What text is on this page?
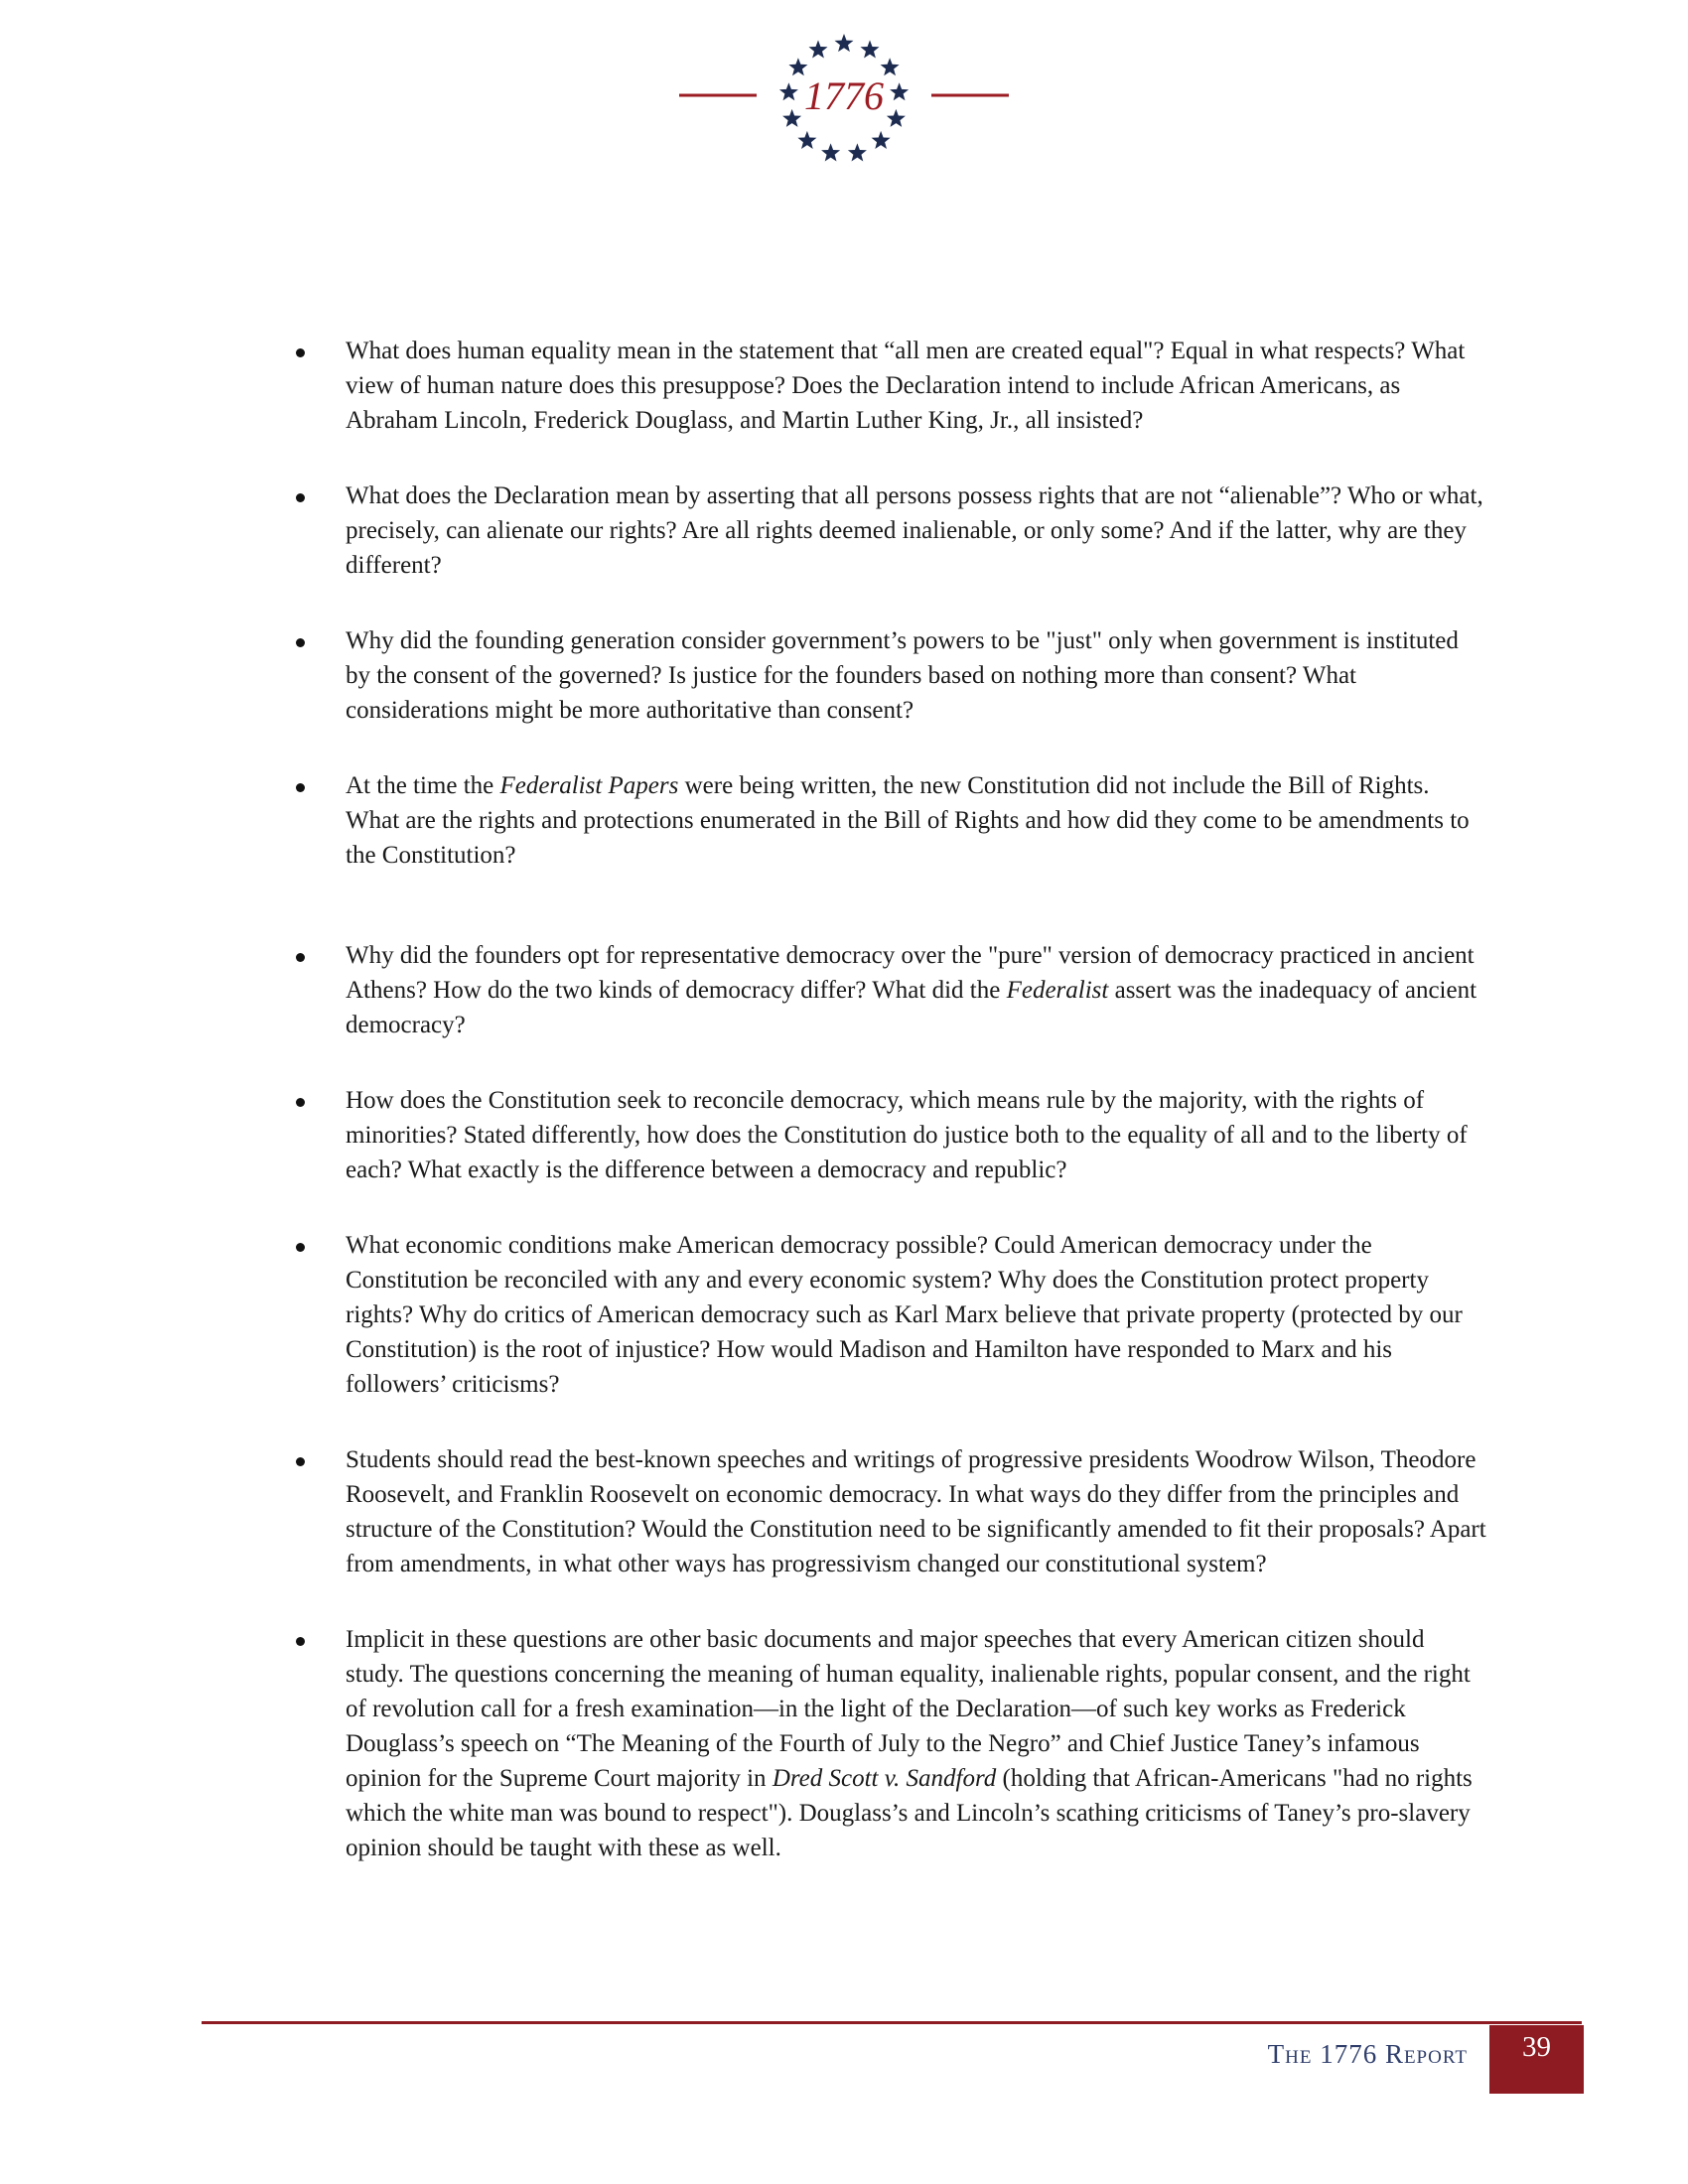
1776
What does human equality mean in the statement that “all men are created equal"? Equal in what respects? What view of human nature does this presuppose? Does the Declaration intend to include African Americans, as Abraham Lincoln, Frederick Douglass, and Martin Luther King, Jr., all insisted?
What does the Declaration mean by asserting that all persons possess rights that are not “alienable”? Who or what, precisely, can alienate our rights? Are all rights deemed inalienable, or only some? And if the latter, why are they different?
Why did the founding generation consider government’s powers to be "just" only when government is instituted by the consent of the governed? Is justice for the founders based on nothing more than consent? What considerations might be more authoritative than consent?
At the time the Federalist Papers were being written, the new Constitution did not include the Bill of Rights. What are the rights and protections enumerated in the Bill of Rights and how did they come to be amendments to the Constitution?
Why did the founders opt for representative democracy over the "pure" version of democracy practiced in ancient Athens? How do the two kinds of democracy differ? What did the Federalist assert was the inadequacy of ancient democracy?
How does the Constitution seek to reconcile democracy, which means rule by the majority, with the rights of minorities? Stated differently, how does the Constitution do justice both to the equality of all and to the liberty of each? What exactly is the difference between a democracy and republic?
What economic conditions make American democracy possible? Could American democracy under the Constitution be reconciled with any and every economic system? Why does the Constitution protect property rights? Why do critics of American democracy such as Karl Marx believe that private property (protected by our Constitution) is the root of injustice? How would Madison and Hamilton have responded to Marx and his followers’ criticisms?
Students should read the best-known speeches and writings of progressive presidents Woodrow Wilson, Theodore Roosevelt, and Franklin Roosevelt on economic democracy. In what ways do they differ from the principles and structure of the Constitution? Would the Constitution need to be significantly amended to fit their proposals? Apart from amendments, in what other ways has progressivism changed our constitutional system?
Implicit in these questions are other basic documents and major speeches that every American citizen should study. The questions concerning the meaning of human equality, inalienable rights, popular consent, and the right of revolution call for a fresh examination—in the light of the Declaration—of such key works as Frederick Douglass’s speech on “The Meaning of the Fourth of July to the Negro” and Chief Justice Taney’s infamous opinion for the Supreme Court majority in Dred Scott v. Sandford (holding that African-Americans "had no rights which the white man was bound to respect"). Douglass’s and Lincoln’s scathing criticisms of Taney’s pro-slavery opinion should be taught with these as well.
The 1776 Report 39
